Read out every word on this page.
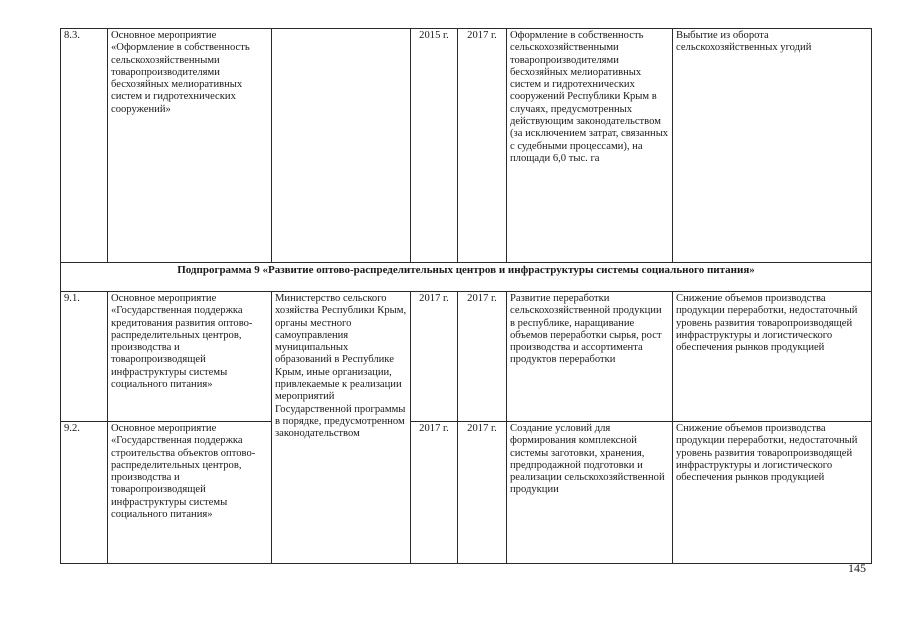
8.3.	Основное мероприятие «Оформление в собственность сельскохозяйственными товаропроизводителями бесхозяйных мелиоративных систем и гидротехнических сооружений»		2015 г.	2017 г.	Оформление в собственность сельскохозяйственными товаропроизводителями бесхозяйных мелиоративных систем и гидротехнических сооружений Республики Крым в случаях, предусмотренных действующим законодательством (за исключением затрат, связанных с судебными процессами), на площади 6,0 тыс. га	Выбытие из оборота сельскохозяйственных угодий
Подпрограмма 9 «Развитие оптово-распределительных центров и инфраструктуры системы социального питания»						
9.1.	Основное мероприятие «Государственная поддержка кредитования развития оптово-распределительных центров, производства и товаропроизводящей инфраструктуры системы социального питания»	Министерство сельского хозяйства Республики Крым, органы местного самоуправления муниципальных образований в Республике Крым, иные организации, привлекаемые к реализации мероприятий Государственной программы в порядке, предусмотренном законодательством	2017 г.	2017 г.	Развитие переработки сельскохозяйственной продукции в республике, наращивание объемов переработки сырья, рост производства и ассортимента продуктов переработки	Снижение объемов производства продукции переработки, недостаточный уровень развития товаропроизводящей инфраструктуры и логистического обеспечения рынков продукцией
9.2.	Основное мероприятие «Государственная поддержка строительства объектов оптово-распределительных центров, производства и товаропроизводящей инфраструктуры системы социального питания»		2017 г.	2017 г.	Создание условий для формирования комплексной системы заготовки, хранения, предпродажной подготовки и реализации сельскохозяйственной продукции	Снижение объемов производства продукции переработки, недостаточный уровень развития товаропроизводящей инфраструктуры и логистического обеспечения рынков продукцией
145
